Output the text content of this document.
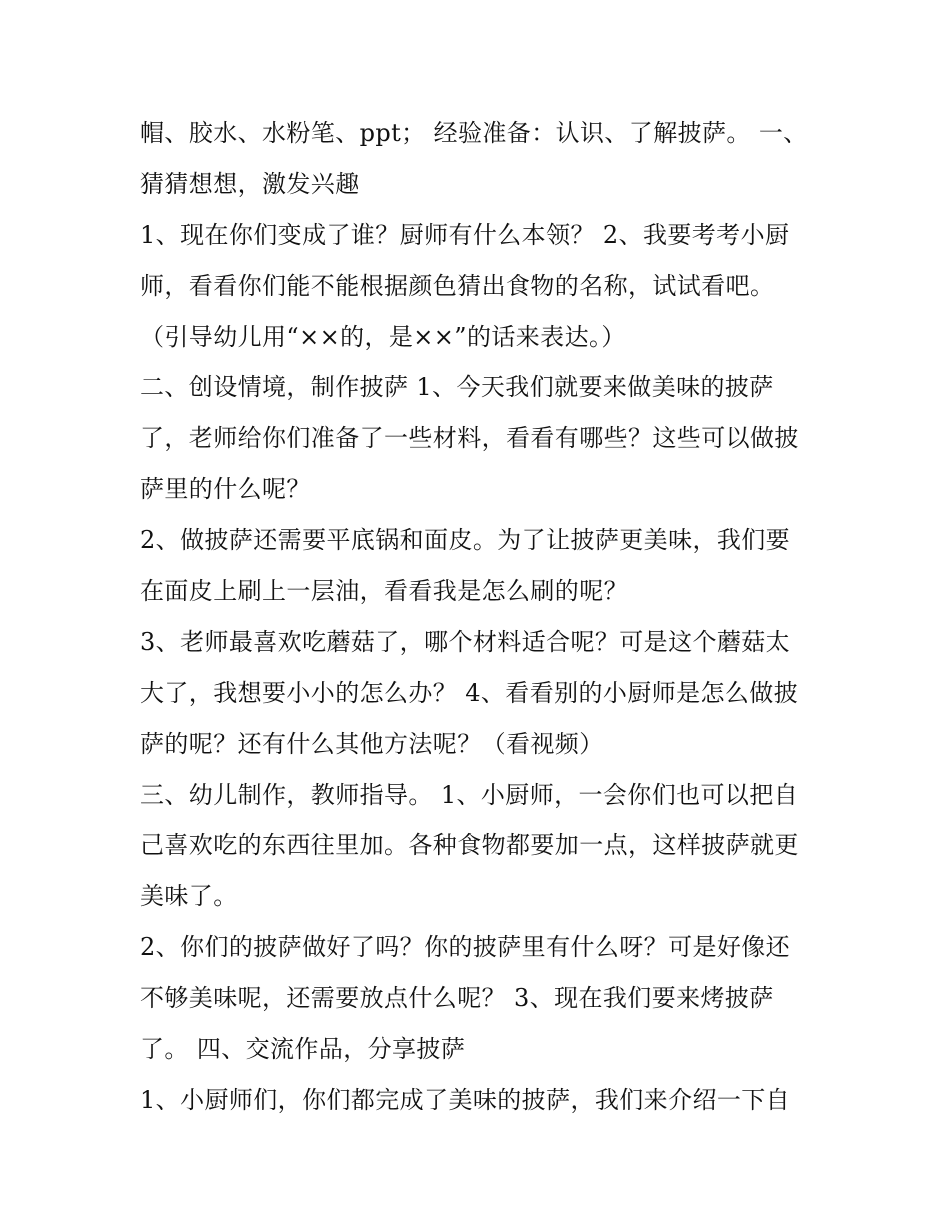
帽、胶水、水粉笔、ppt； 经验准备：认识、了解披萨。 一、
猜猜想想，激发兴趣
1、现在你们变成了谁？厨师有什么本领？ 2、我要考考小厨
师，看看你们能不能根据颜色猜出食物的名称，试试看吧。
（引导幼儿用“××的，是××”的话来表达。）
二、创设情境，制作披萨 1、今天我们就要来做美味的披萨
了，老师给你们准备了一些材料，看看有哪些？这些可以做披
萨里的什么呢？
2、做披萨还需要平底锅和面皮。为了让披萨更美味，我们要
在面皮上刷上一层油，看看我是怎么刷的呢？
3、老师最喜欢吃蘑菇了，哪个材料适合呢？可是这个蘑菇太
大了，我想要小小的怎么办？ 4、看看别的小厨师是怎么做披
萨的呢？还有什么其他方法呢？（看视频）
三、幼儿制作，教师指导。 1、小厨师，一会你们也可以把自
己喜欢吃的东西往里加。各种食物都要加一点，这样披萨就更
美味了。
2、你们的披萨做好了吗？你的披萨里有什么呀？可是好像还
不够美味呢，还需要放点什么呢？ 3、现在我们要来烤披萨
了。 四、交流作品，分享披萨
1、小厨师们，你们都完成了美味的披萨，我们来介绍一下自
